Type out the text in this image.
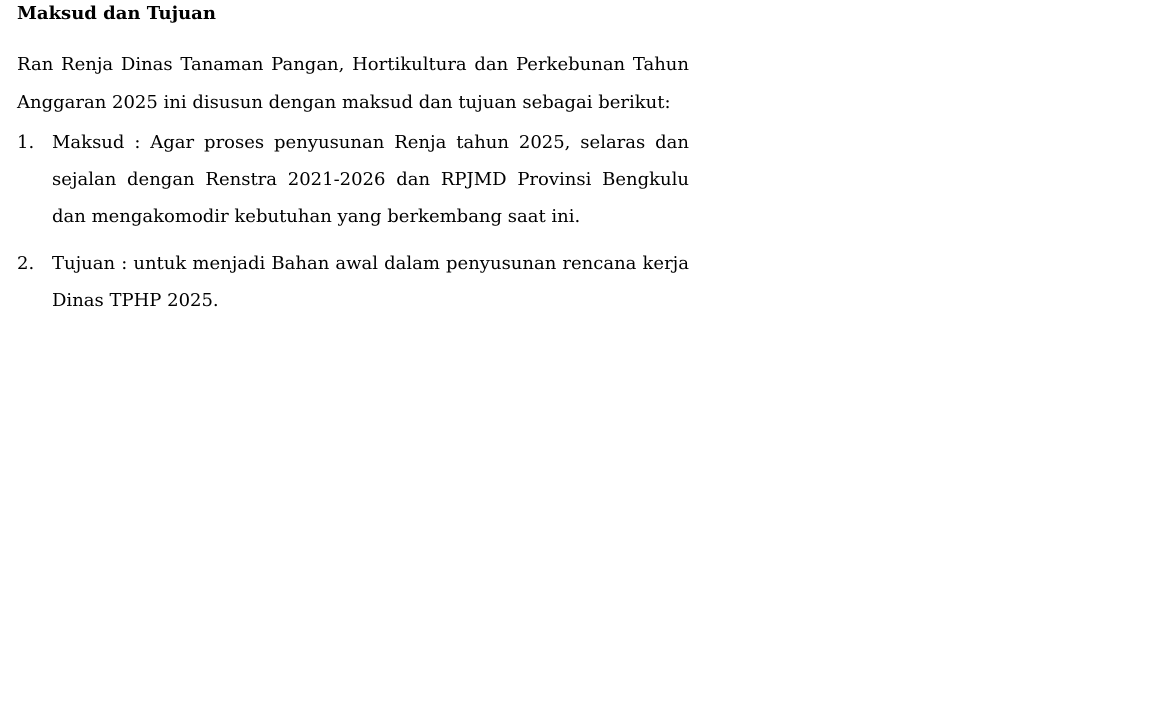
Maksud dan Tujuan

Ran Renja Dinas Tanaman Pangan, Hortikultura dan Perkebunan Tahun Anggaran 2025 ini disusun dengan maksud dan tujuan sebagai berikut:

1. Maksud : Agar proses penyusunan Renja tahun 2025, selaras dan sejalan dengan Renstra 2021-2026 dan RPJMD Provinsi Bengkulu dan mengakomodir kebutuhan yang berkembang saat ini.
2. Tujuan : untuk menjadi Bahan awal dalam penyusunan rencana kerja Dinas TPHP 2025.
